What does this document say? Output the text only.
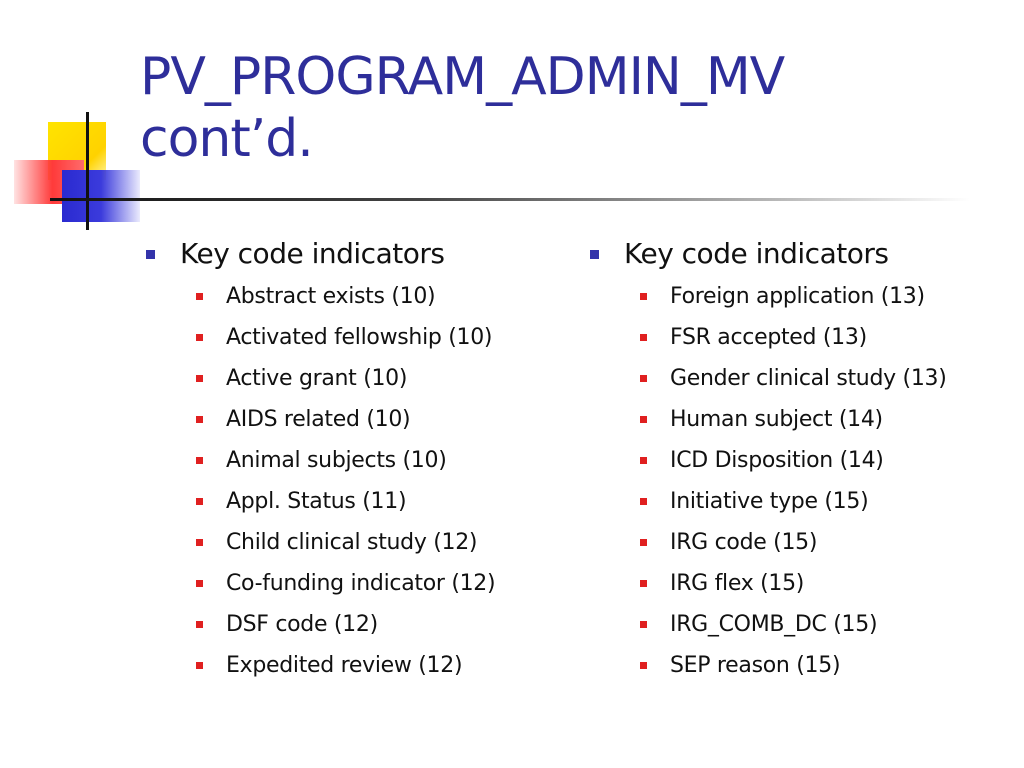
PV_PROGRAM_ADMIN_MV
cont’d.
Key code indicators
Abstract exists (10)
Activated fellowship (10)
Active grant (10)
AIDS related (10)
Animal subjects (10)
Appl. Status (11)
Child clinical study (12)
Co-funding indicator (12)
DSF code (12)
Expedited review (12)
Key code indicators
Foreign application (13)
FSR accepted (13)
Gender clinical study (13)
Human subject (14)
ICD Disposition (14)
Initiative type (15)
IRG code (15)
IRG flex (15)
IRG_COMB_DC (15)
SEP reason (15)
